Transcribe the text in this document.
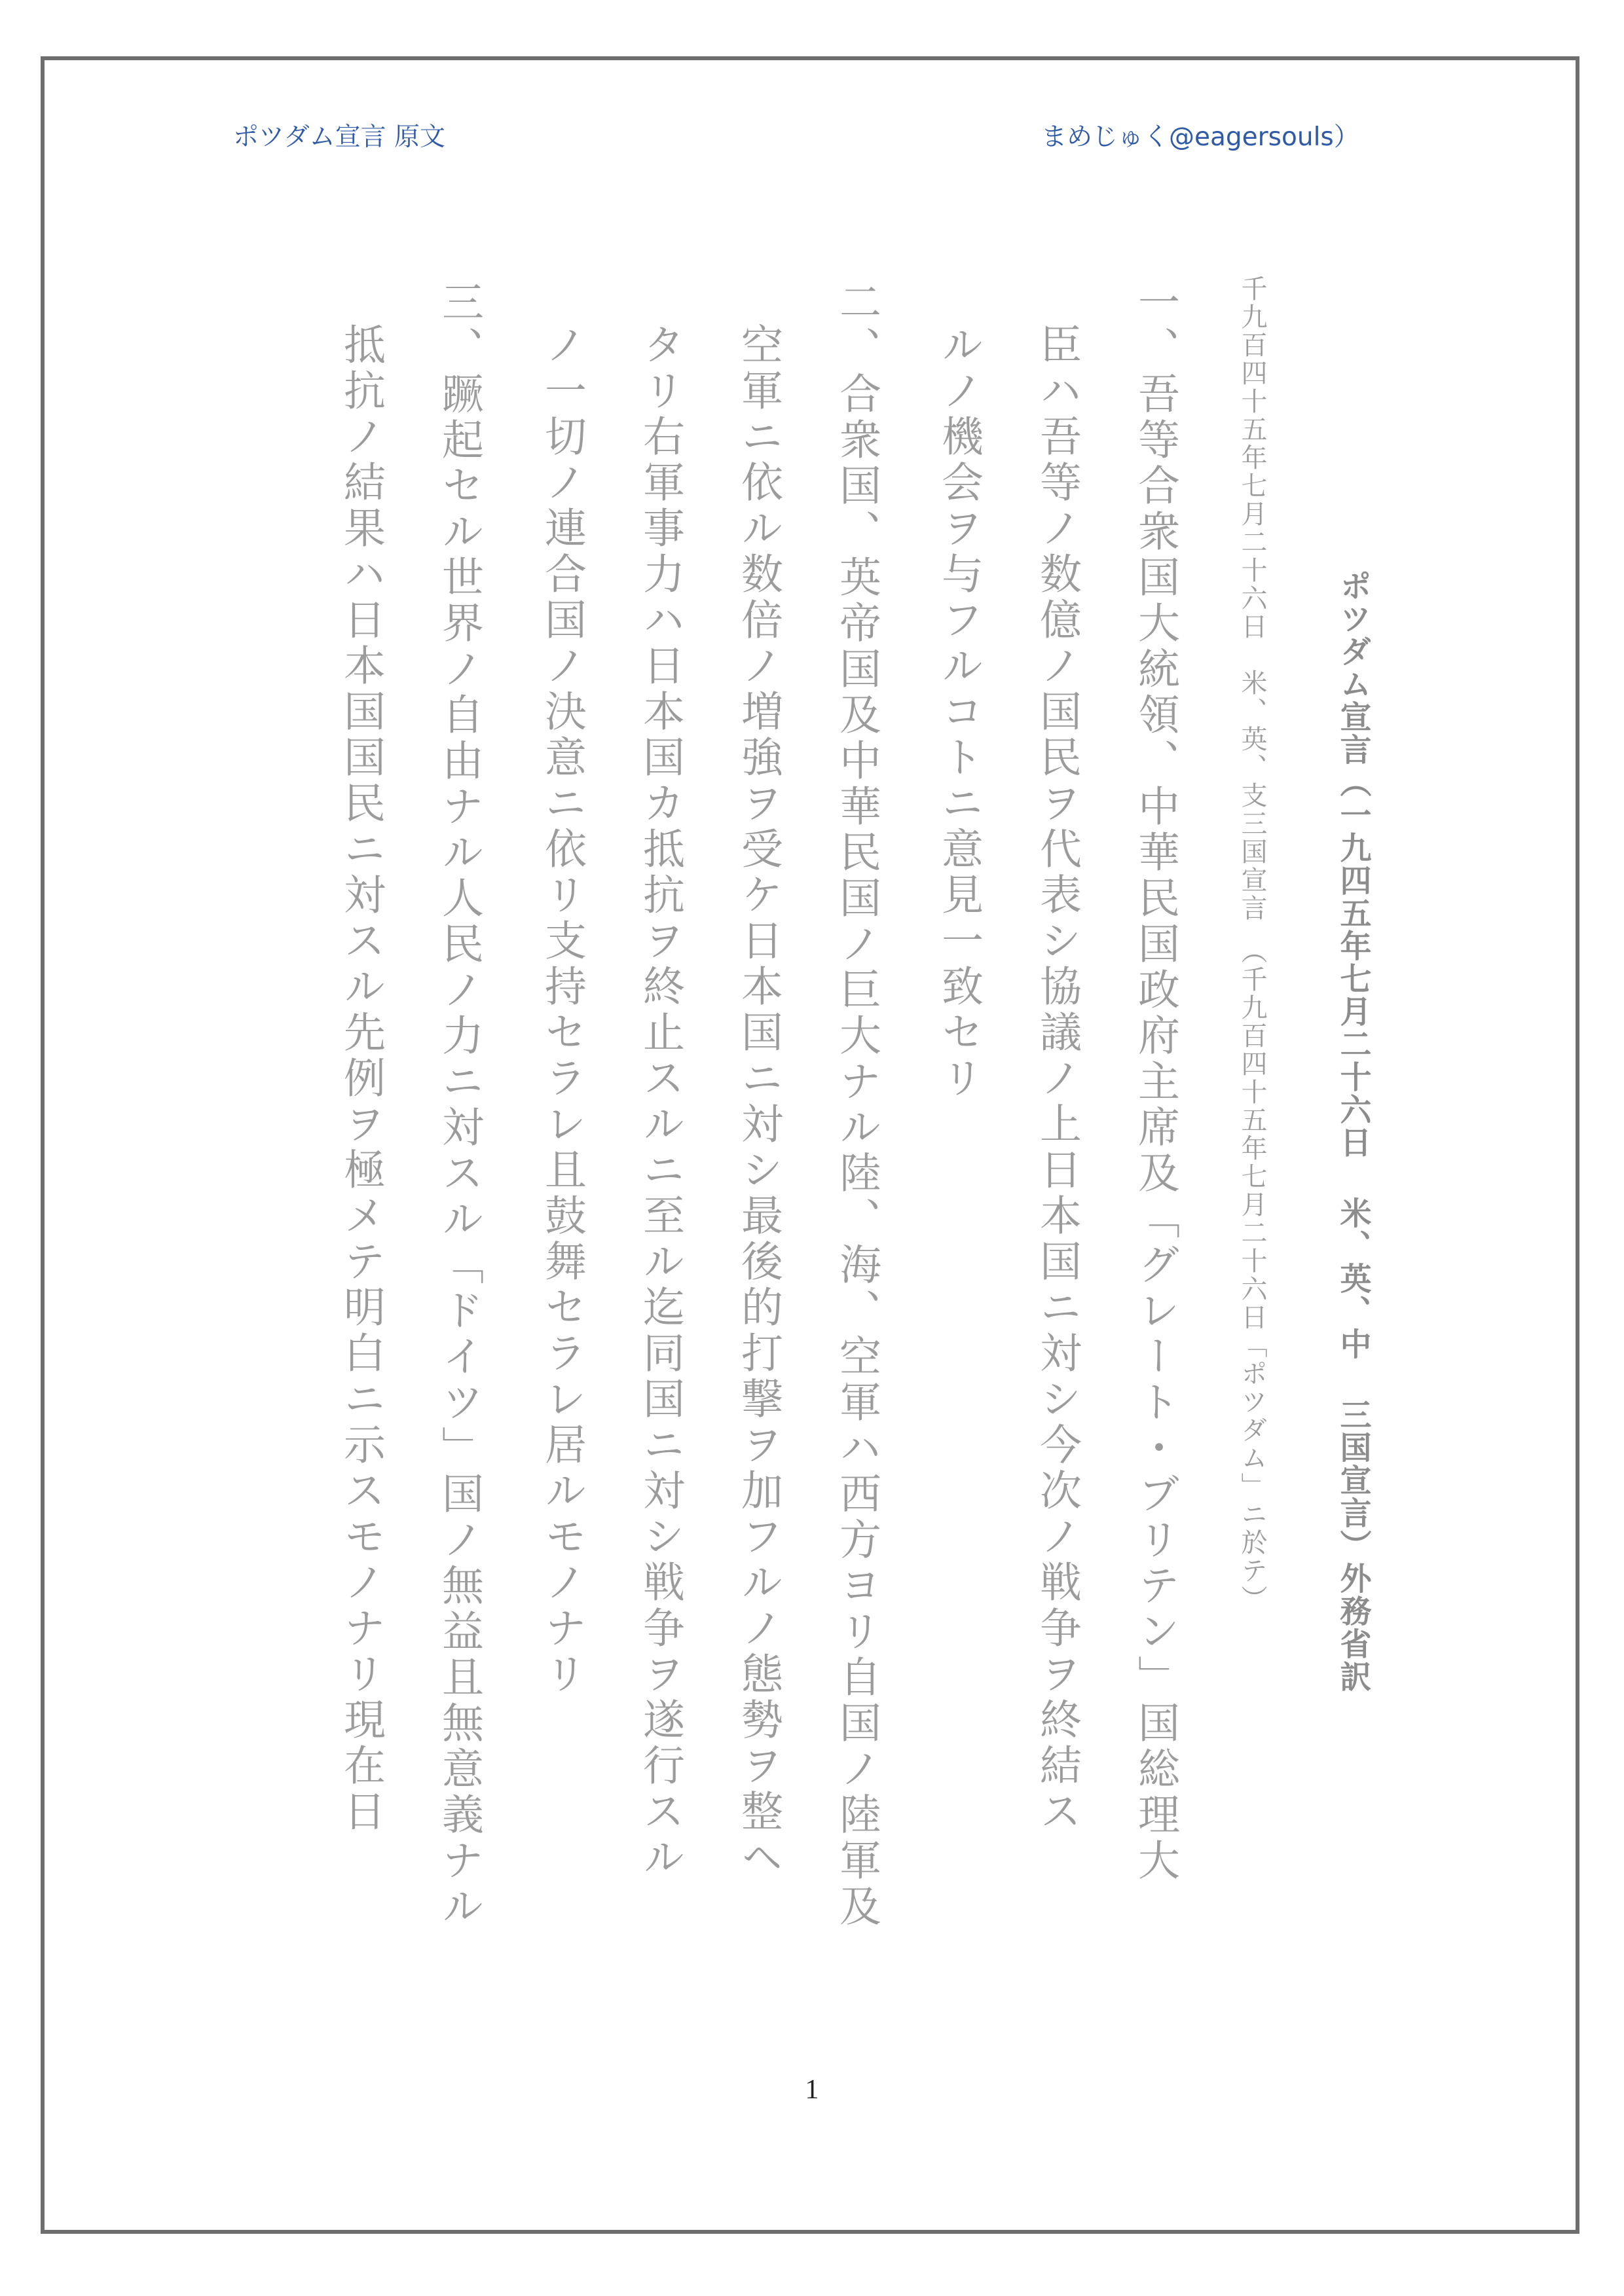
ポツダム宣言 原文	まめじゅく@eagersouls）
ポツダム宣言（一九四五年七月二十六日 米、英、中 三国宣言）外務省訳
千九百四十五年七月二十六日　米、英、支三国宣言　（千九百四十五年七月二十六日「ポツダム」ニ於テ）
一、吾等合衆国大統領、中華民国政府主席及「グレート・ブリテン」国総理大
臣ハ吾等ノ数億ノ国民ヲ代表シ協議ノ上日本国ニ対シ今次ノ戦争ヲ終結ス
ルノ機会ヲ与フルコトニ意見一致セリ
二、合衆国、英帝国及中華民国ノ巨大ナル陸、海、空軍ハ西方ヨリ自国ノ陸軍及
空軍ニ依ル数倍ノ増強ヲ受ケ日本国ニ対シ最後的打撃ヲ加フルノ態勢ヲ整ヘ
タリ右軍事力ハ日本国カ抵抗ヲ終止スルニ至ル迄同国ニ対シ戦争ヲ遂行スル
ノ一切ノ連合国ノ決意ニ依リ支持セラレ且鼓舞セラレ居ルモノナリ
三、蹶起セル世界ノ自由ナル人民ノ力ニ対スル「ドイツ」国ノ無益且無意義ナル
抵抗ノ結果ハ日本国国民ニ対スル先例ヲ極メテ明白ニ示スモノナリ現在日
1
